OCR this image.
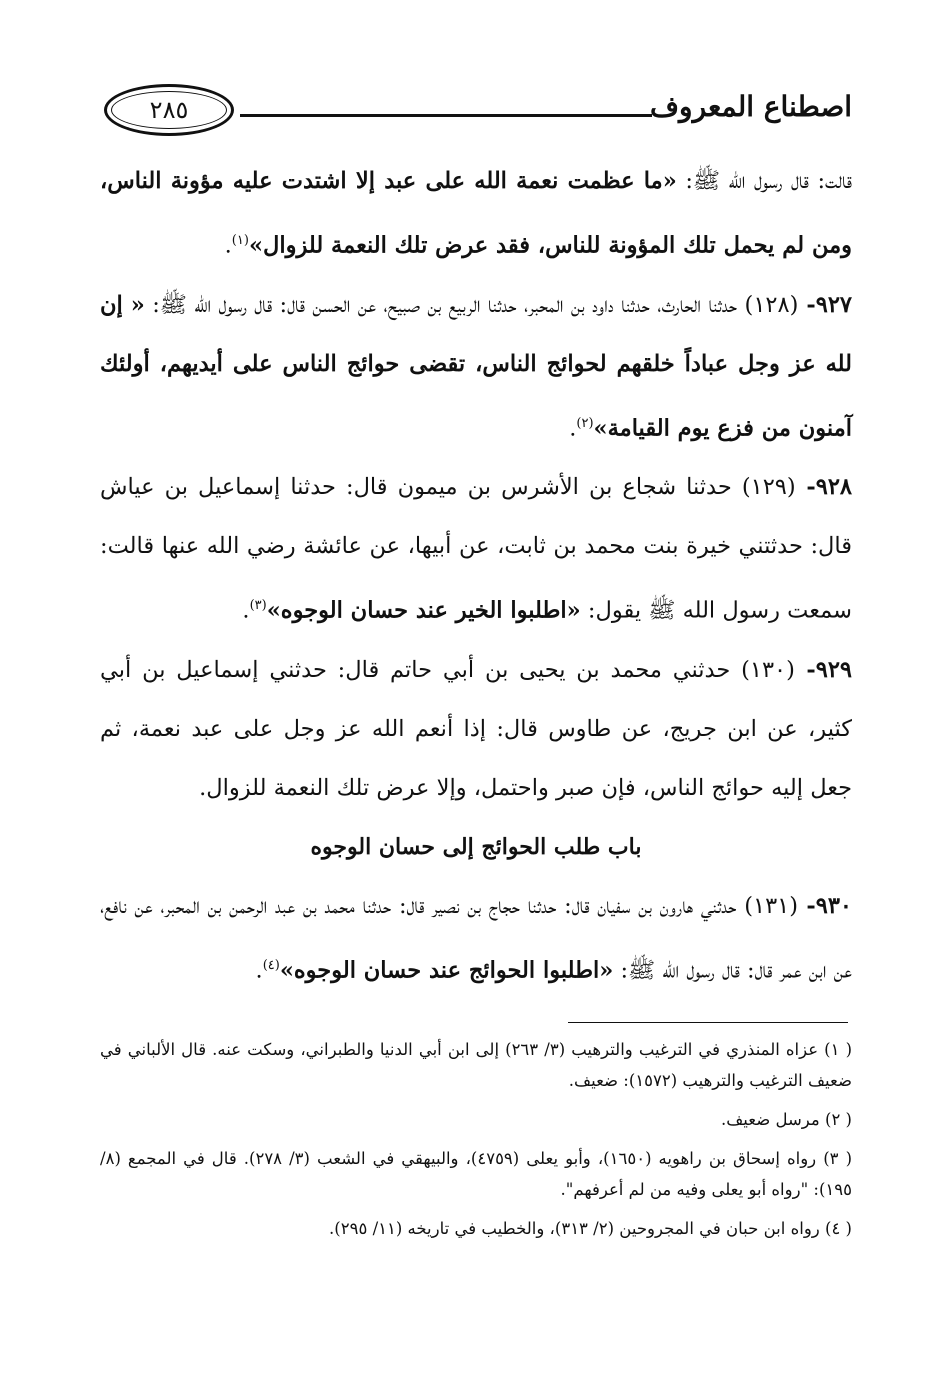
اصطناع المعروف
٢٨٥

قالت: قال رسول الله ﷺ: «ما عظمت نعمة الله على عبد إلا اشتدت عليه مؤونة الناس، ومن لم يحمل تلك المؤونة للناس، فقد عرض تلك النعمة للزوال»$^{(١)}$.

٩٢٧- (١٢٨) حدثنا الحارث، حدثنا داود بن المحبر، حدثنا الربيع بن صبيح، عن الحسن قال: قال رسول الله ﷺ: « إن لله عز وجل عباداً خلقهم لحوائج الناس، تقضى حوائج الناس على أيديهم، أولئك آمنون من فزع يوم القيامة»$^{(٢)}$.

٩٢٨- (١٢٩) حدثنا شجاع بن الأشرس بن ميمون قال: حدثنا إسماعيل بن عياش قال: حدثتني خيرة بنت محمد بن ثابت، عن أبيها، عن عائشة رضي الله عنها قالت: سمعت رسول الله ﷺ يقول: «اطلبوا الخير عند حسان الوجوه»$^{(٣)}$.

٩٢٩- (١٣٠) حدثني محمد بن يحيى بن أبي حاتم قال: حدثني إسماعيل بن أبي كثير، عن ابن جريج، عن طاوس قال: إذا أنعم الله عز وجل على عبد نعمة، ثم جعل إليه حوائج الناس، فإن صبر واحتمل، وإلا عرض تلك النعمة للزوال.

باب طلب الحوائج إلى حسان الوجوه

٩٣٠- (١٣١) حدثني هارون بن سفيان قال: حدثنا حجاج بن نصير قال: حدثنا محمد بن عبد الرحمن بن المحبر، عن نافع، عن ابن عمر قال: قال رسول الله ﷺ: «اطلبوا الحوائج عند حسان الوجوه»$^{(٤)}$.

( ١) عزاه المنذري في الترغيب والترهيب (٣/ ٢٦٣) إلى ابن أبي الدنيا والطبراني، وسكت عنه. قال الألباني في ضعيف الترغيب والترهيب (١٥٧٢): ضعيف.

( ٢) مرسل ضعيف.

( ٣) رواه إسحاق بن راهويه (١٦٥٠)، وأبو يعلى (٤٧٥٩)، والبيهقي في الشعب (٣/ ٢٧٨). قال في المجمع (٨/ ١٩٥): "رواه أبو يعلى وفيه من لم أعرفهم".

( ٤) رواه ابن حبان في المجروحين (٢/ ٣١٣)، والخطيب في تاريخه (١١/ ٢٩٥).
